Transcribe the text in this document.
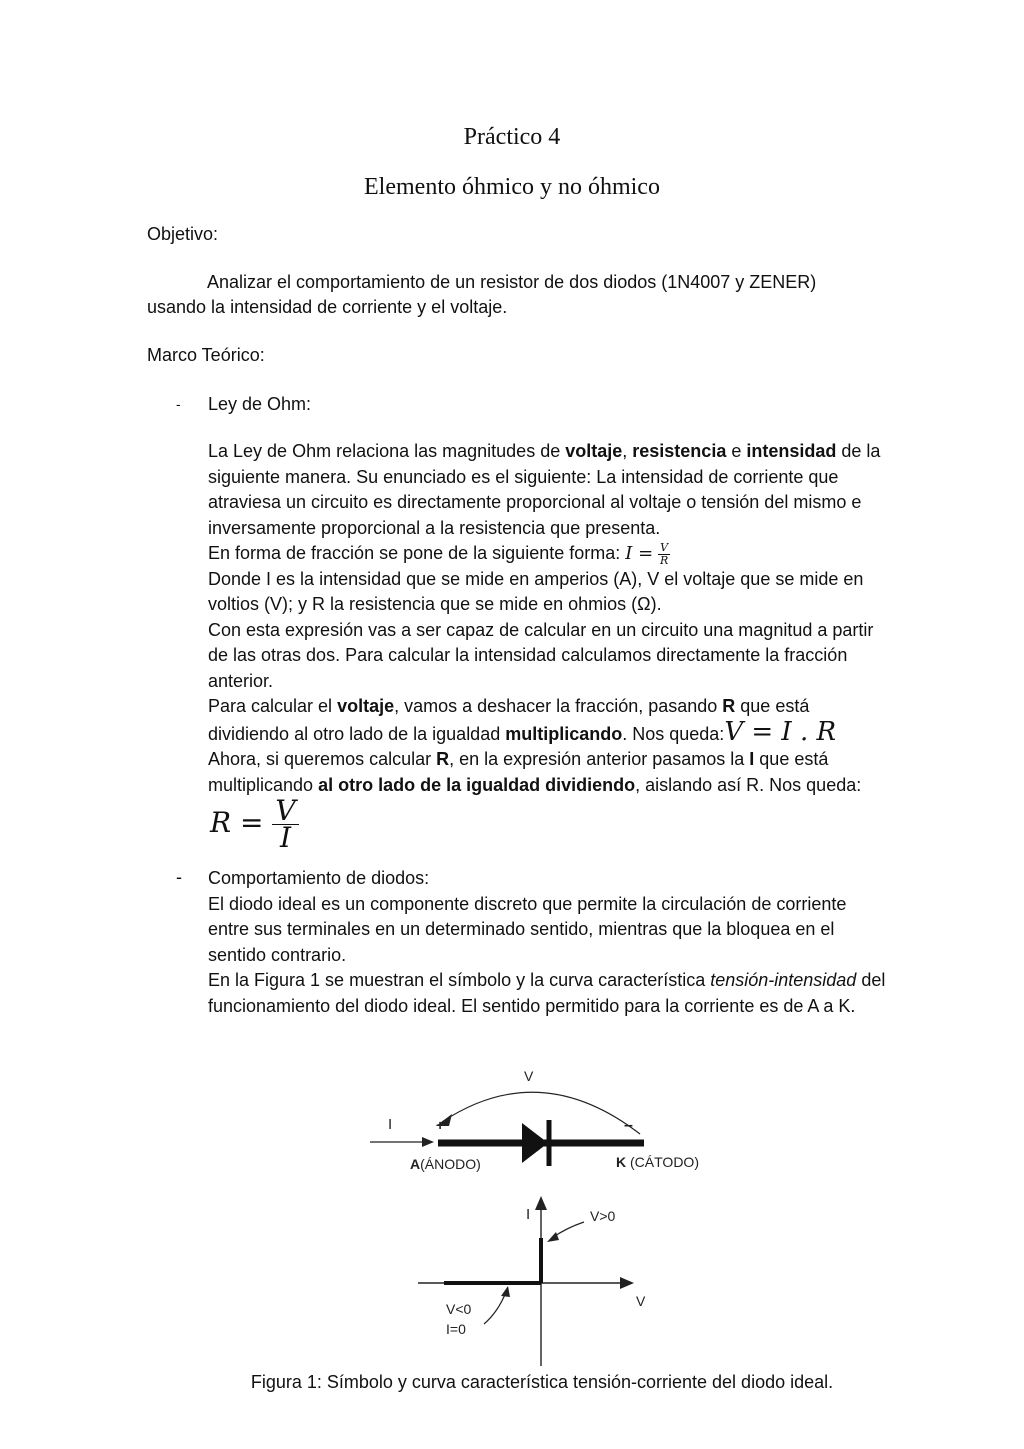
Práctico 4
Elemento óhmico y no óhmico
Objetivo:
Analizar el comportamiento de un resistor de dos diodos (1N4007 y ZENER) usando la intensidad de corriente y el voltaje.
Marco Teórico:
- Ley de Ohm:

La Ley de Ohm relaciona las magnitudes de voltaje, resistencia e intensidad de la siguiente manera. Su enunciado es el siguiente: La intensidad de corriente que atraviesa un circuito es directamente proporcional al voltaje o tensión del mismo e inversamente proporcional a la resistencia que presenta.

En forma de fracción se pone de la siguiente forma: $I = \frac{V}{R}$

Donde I es la intensidad que se mide en amperios (A), V el voltaje que se mide en voltios (V); y R la resistencia que se mide en ohmios (Ω).

Con esta expresión vas a ser capaz de calcular en un circuito una magnitud a partir de las otras dos. Para calcular la intensidad calculamos directamente la fracción anterior.

Para calcular el voltaje, vamos a deshacer la fracción, pasando R que está dividiendo al otro lado de la igualdad multiplicando. Nos queda:V = I . R

Ahora, si queremos calcular R, en la expresión anterior pasamos la I que está multiplicando al otro lado de la igualdad dividiendo, aislando así R. Nos queda:

$R = \frac{V}{I}$
- Comportamiento de diodos:

El diodo ideal es un componente discreto que permite la circulación de corriente entre sus terminales en un determinado sentido, mientras que la bloquea en el sentido contrario.

En la Figura 1 se muestran el símbolo y la curva característica tensión-intensidad del funcionamiento del diodo ideal. El sentido permitido para la corriente es de A a K.

V
I	+	–
A(ÁNODO)	K (CÁTODO)
I
V
V>0
V<0
I=0
Figura 1: Símbolo y curva característica tensión-corriente del diodo ideal.
